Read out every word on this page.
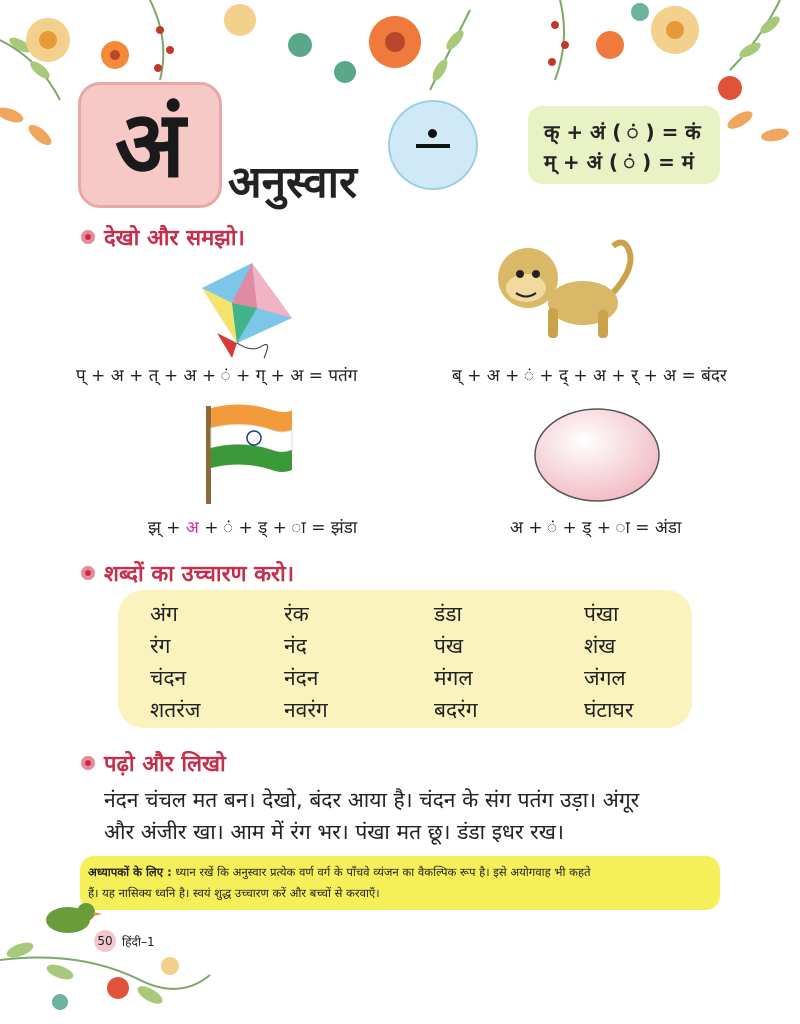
अं अनुस्वार
क् + अं ( ं ) = कं
म् + अं ( ं ) = मं
देखो और समझो।
प् + अ + त् + अ + ं + ग् + अ = पतंग	ब् + अ + ं + द् + अ + र् + अ = बंदर
झ् + अ + ं + ड् + ा = झंडा	अ + ं + ड् + ा = अंडा
शब्दों का उच्चारण करो।
अंग	रंक	डंडा	पंखा
रंग	नंद	पंख	शंख
चंदन	नंदन	मंगल	जंगल
शतरंज	नवरंग	बदरंग	घंटाघर
पढ़ो और लिखो
नंदन चंचल मत बन। देखो, बंदर आया है। चंदन के संग पतंग उड़ा। अंगूर
और अंजीर खा। आम में रंग भर। पंखा मत छू। डंडा इधर रख।
अध्यापकों के लिए : ध्यान रखें कि अनुस्वार प्रत्येक वर्ण वर्ग के पाँचवे व्यंजन का वैकल्पिक रूप है। इसे अयोगवाह भी कहते
हैं। यह नासिक्य ध्वनि है। स्वयं शुद्ध उच्चारण करें और बच्चों से करवाएँ।
50 हिंदी–1
